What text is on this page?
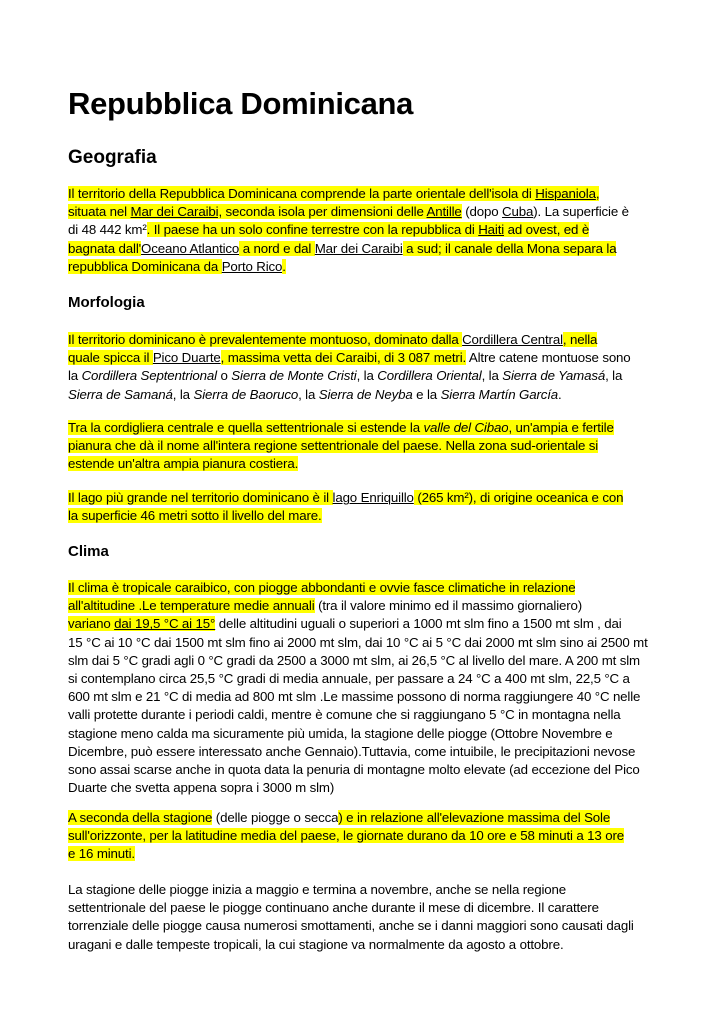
Repubblica Dominicana
Geografia
Il territorio della Repubblica Dominicana comprende la parte orientale dell'isola di Hispaniola,
situata nel Mar dei Caraibi, seconda isola per dimensioni delle Antille (dopo Cuba). La superficie è
di 48 442 km². Il paese ha un solo confine terrestre con la repubblica di Haiti ad ovest, ed è
bagnata dall'Oceano Atlantico a nord e dal Mar dei Caraibi a sud; il canale della Mona separa la
repubblica Dominicana da Porto Rico.
Morfologia
Il territorio dominicano è prevalentemente montuoso, dominato dalla Cordillera Central, nella
quale spicca il Pico Duarte, massima vetta dei Caraibi, di 3 087 metri. Altre catene montuose sono
la Cordillera Septentrional o Sierra de Monte Cristi, la Cordillera Oriental, la Sierra de Yamasá, la
Sierra de Samaná, la Sierra de Baoruco, la Sierra de Neyba e la Sierra Martín García.
Tra la cordigliera centrale e quella settentrionale si estende la valle del Cibao, un'ampia e fertile
pianura che dà il nome all'intera regione settentrionale del paese. Nella zona sud-orientale si
estende un'altra ampia pianura costiera.
Il lago più grande nel territorio dominicano è il lago Enriquillo (265 km²), di origine oceanica e con
la superficie 46 metri sotto il livello del mare.
Clima
Il clima è tropicale caraibico, con piogge abbondanti e ovvie fasce climatiche in relazione
all'altitudine .Le temperature medie annuali (tra il valore minimo ed il massimo giornaliero)
variano dai 19,5 °C ai 15° delle altitudini uguali o superiori a 1000 mt slm fino a 1500 mt slm , dai
15 °C ai 10 °C dai 1500 mt slm fino ai 2000 mt slm, dai 10 °C ai 5 °C dai 2000 mt slm sino ai 2500 mt
slm dai 5 °C gradi agli 0 °C gradi da 2500 a 3000 mt slm, ai 26,5 °C al livello del mare. A 200 mt slm
si contemplano circa 25,5 °C gradi di media annuale, per passare a 24 °C a 400 mt slm, 22,5 °C a
600 mt slm e 21 °C di media ad 800 mt slm .Le massime possono di norma raggiungere 40 °C nelle
valli protette durante i periodi caldi, mentre è comune che si raggiungano 5 °C in montagna nella
stagione meno calda ma sicuramente più umida, la stagione delle piogge (Ottobre Novembre e
Dicembre, può essere interessato anche Gennaio).Tuttavia, come intuibile, le precipitazioni nevose
sono assai scarse anche in quota data la penuria di montagne molto elevate (ad eccezione del Pico
Duarte che svetta appena sopra i 3000 m slm)
A seconda della stagione (delle piogge o secca) e in relazione all'elevazione massima del Sole
sull'orizzonte, per la latitudine media del paese, le giornate durano da 10 ore e 58 minuti a 13 ore
e 16 minuti.
La stagione delle piogge inizia a maggio e termina a novembre, anche se nella regione
settentrionale del paese le piogge continuano anche durante il mese di dicembre. Il carattere
torrenziale delle piogge causa numerosi smottamenti, anche se i danni maggiori sono causati dagli
uragani e dalle tempeste tropicali, la cui stagione va normalmente da agosto a ottobre.
